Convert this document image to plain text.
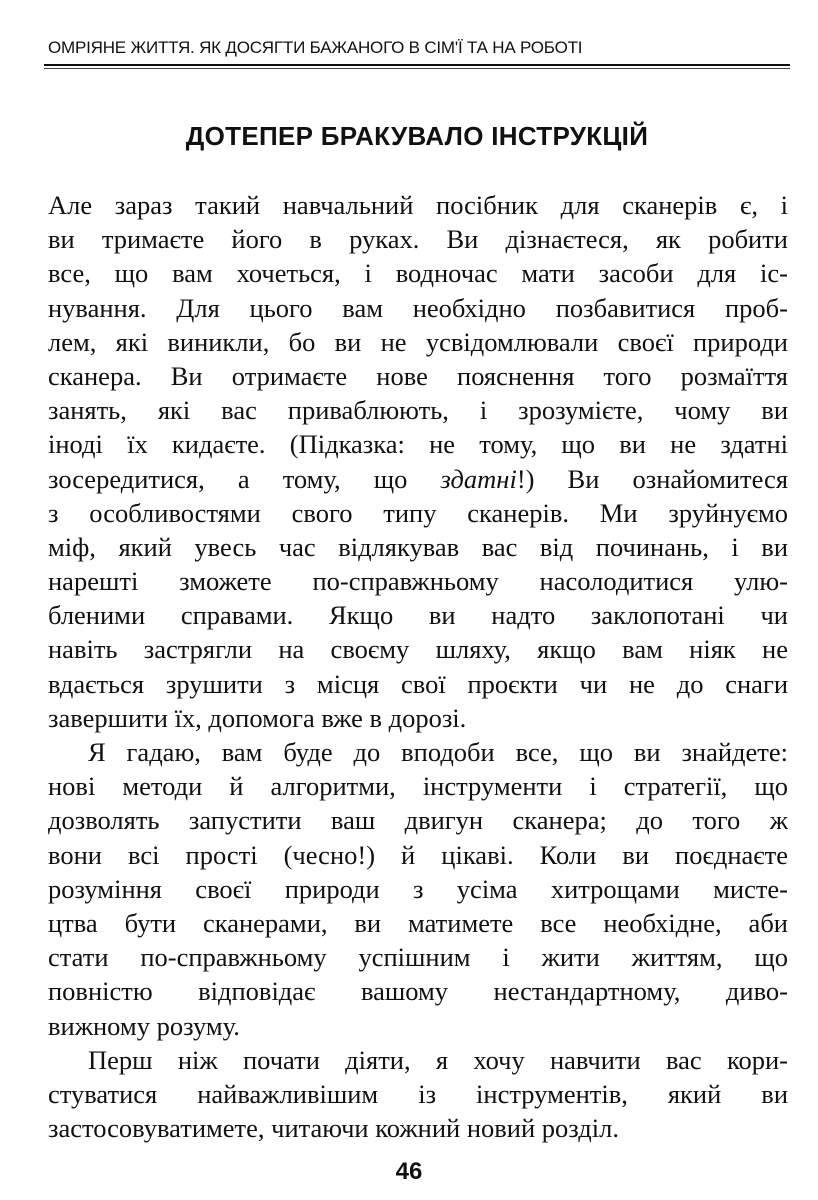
ОМРІЯНЕ ЖИТТЯ. ЯК ДОСЯГТИ БАЖАНОГО В СІМ'Ї ТА НА РОБОТІ
ДОТЕПЕР БРАКУВАЛО ІНСТРУКЦІЙ

Але зараз такий навчальний посібник для сканерів є, і
ви тримаєте його в руках. Ви дізнаєтеся, як робити
все, що вам хочеться, і водночас мати засоби для іс-
нування. Для цього вам необхідно позбавитися проб-
лем, які виникли, бо ви не усвідомлювали своєї природи
сканера. Ви отримаєте нове пояснення того розмаїття
занять, які вас приваблюють, і зрозумієте, чому ви
іноді їх кидаєте. (Підказка: не тому, що ви не здатні
зосередитися, а тому, що здатні!) Ви ознайомитеся
з особливостями свого типу сканерів. Ми зруйнуємо
міф, який увесь час відлякував вас від починань, і ви
нарешті зможете по-справжньому насолодитися улю-
бленими справами. Якщо ви надто заклопотані чи
навіть застрягли на своєму шляху, якщо вам ніяк не
вдається зрушити з місця свої проєкти чи не до снаги
завершити їх, допомога вже в дорозі.

Я гадаю, вам буде до вподоби все, що ви знайдете:
нові методи й алгоритми, інструменти і стратегії, що
дозволять запустити ваш двигун сканера; до того ж
вони всі прості (чесно!) й цікаві. Коли ви поєднаєте
розуміння своєї природи з усіма хитрощами мисте-
цтва бути сканерами, ви матимете все необхідне, аби
стати по-справжньому успішним і жити життям, що
повністю відповідає вашому нестандартному, диво-
вижному розуму.

Перш ніж почати діяти, я хочу навчити вас кори-
стуватися найважливішим із інструментів, який ви
застосовуватимете, читаючи кожний новий розділ.

46
